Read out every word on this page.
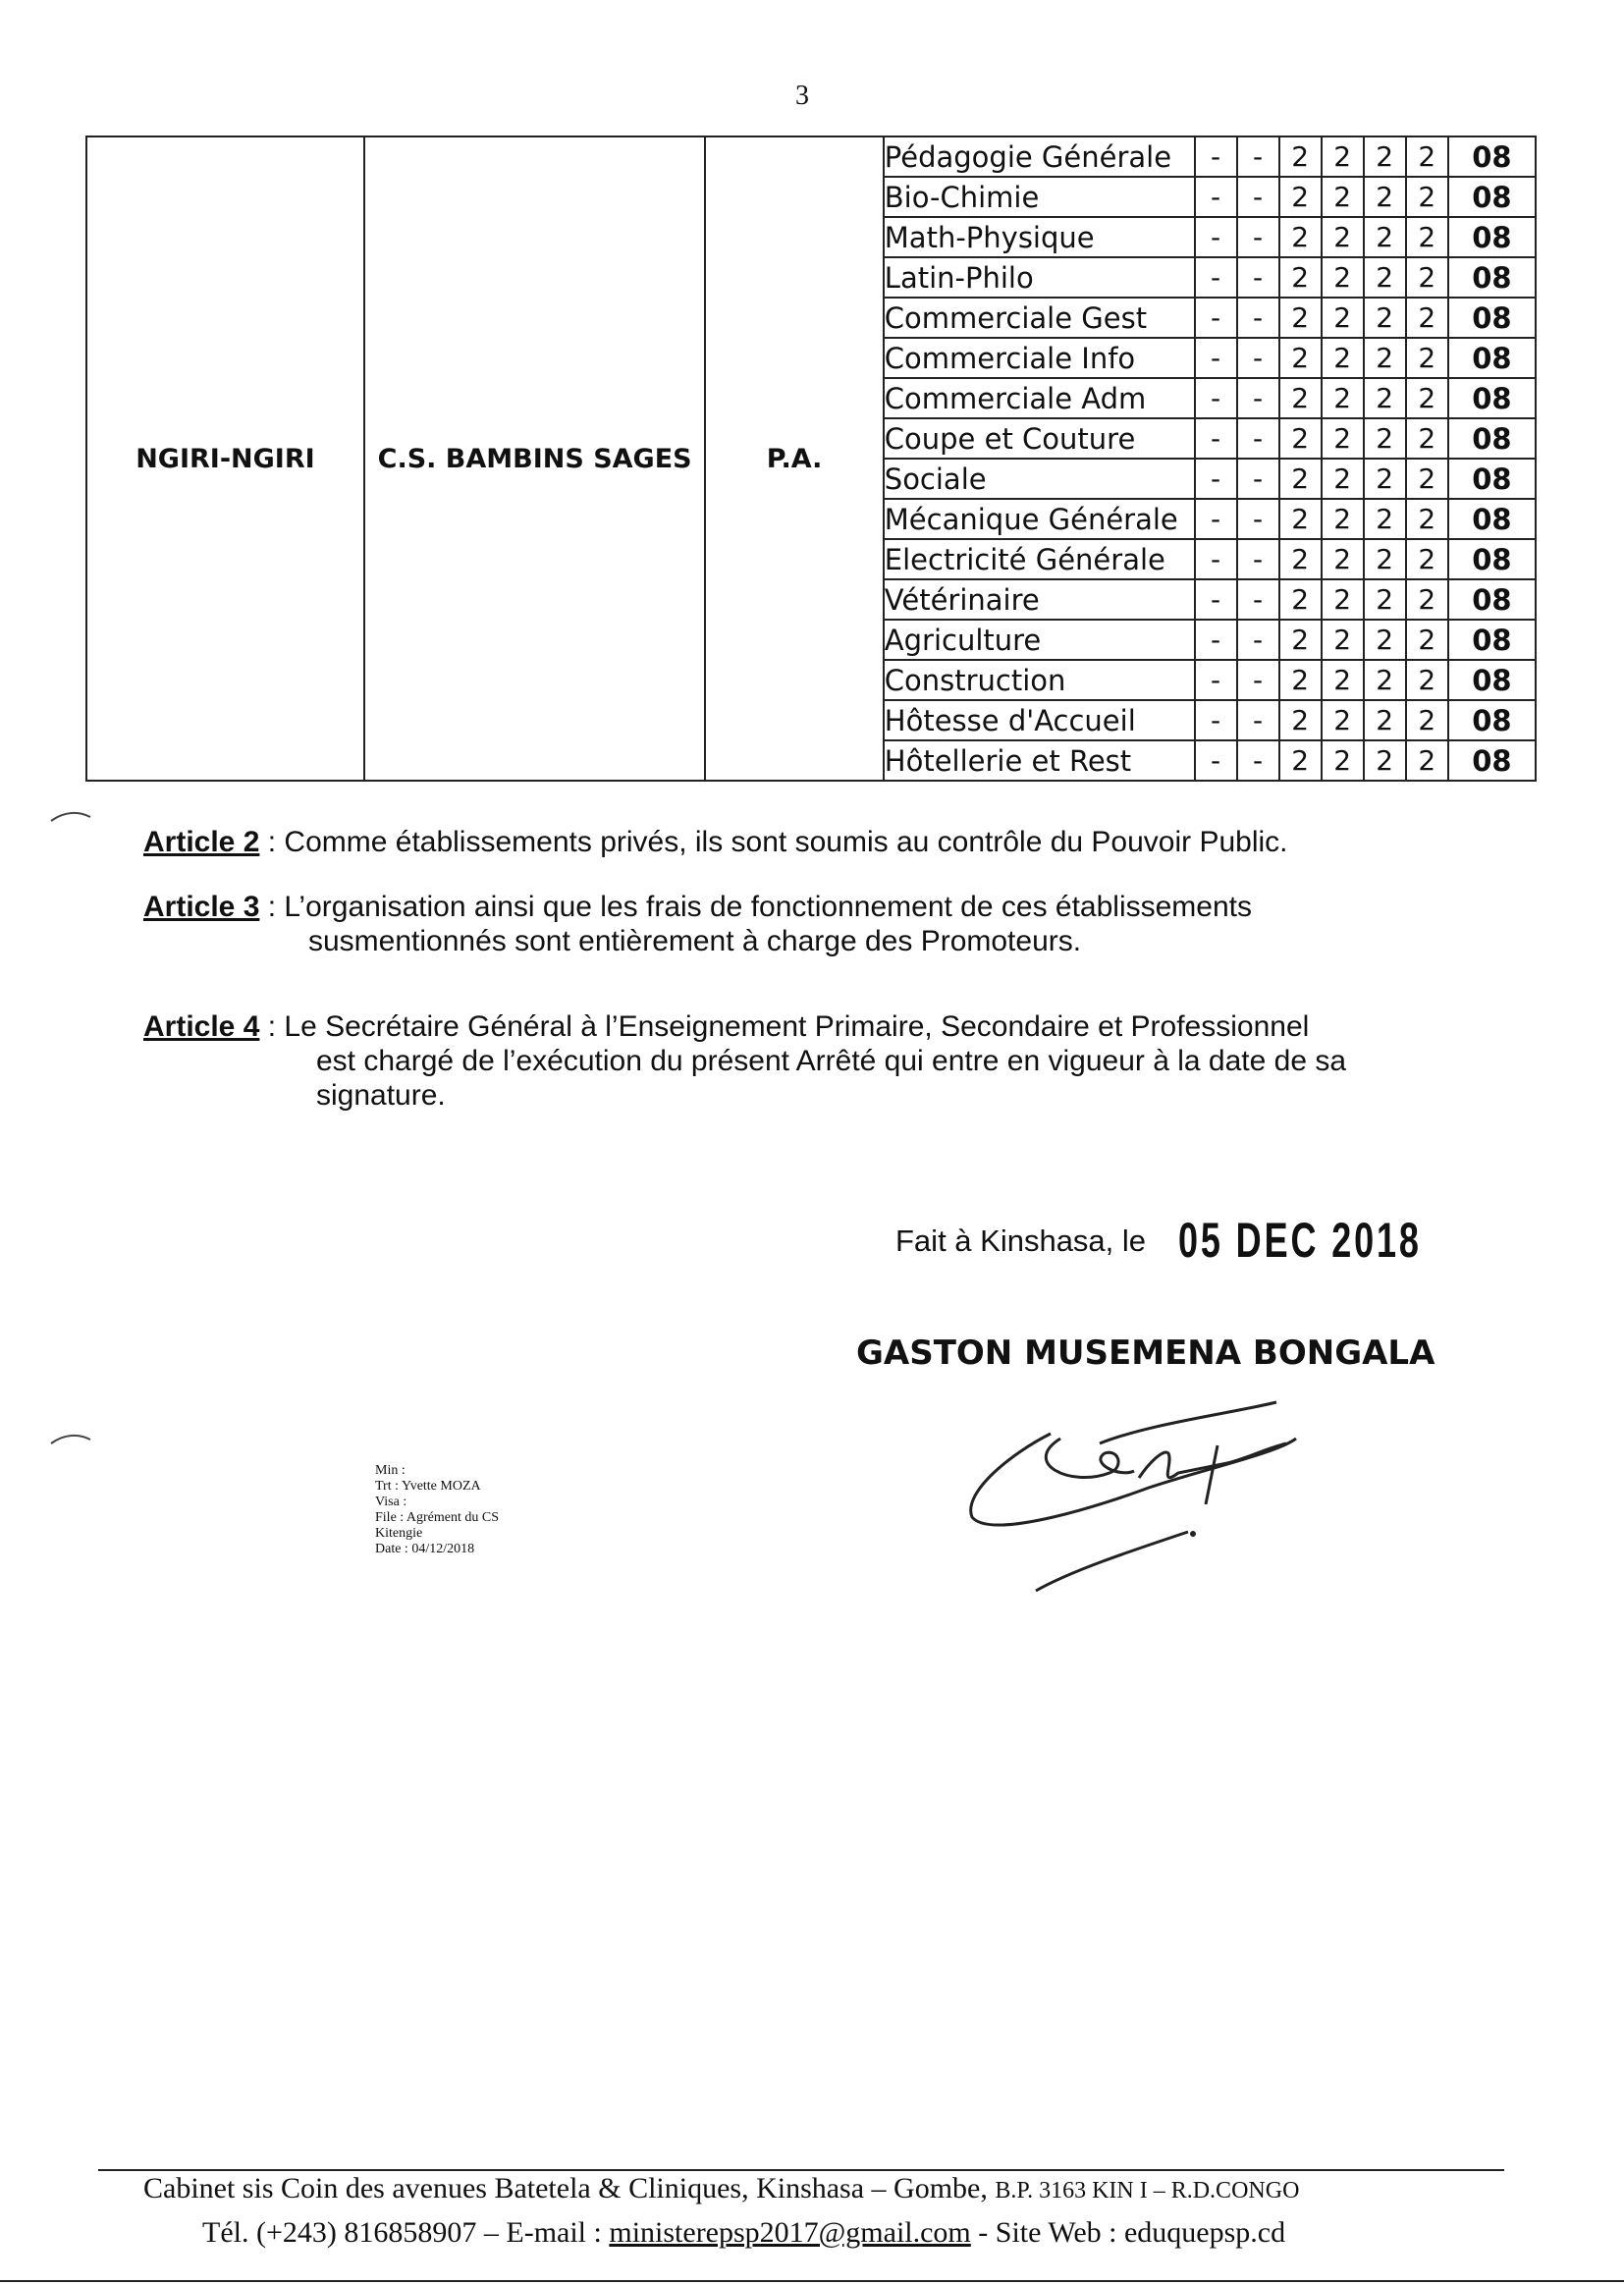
3
NGIRI-NGIRI	C.S. BAMBINS SAGES	P.A.	Pédagogie Générale	-	-	2	2	2	2	08
			Bio-Chimie	-	-	2	2	2	2	08
			Math-Physique	-	-	2	2	2	2	08
			Latin-Philo	-	-	2	2	2	2	08
			Commerciale Gest	-	-	2	2	2	2	08
			Commerciale Info	-	-	2	2	2	2	08
			Commerciale Adm	-	-	2	2	2	2	08
			Coupe et Couture	-	-	2	2	2	2	08
			Sociale	-	-	2	2	2	2	08
			Mécanique Générale	-	-	2	2	2	2	08
			Electricité Générale	-	-	2	2	2	2	08
			Vétérinaire	-	-	2	2	2	2	08
			Agriculture	-	-	2	2	2	2	08
			Construction	-	-	2	2	2	2	08
			Hôtesse d'Accueil	-	-	2	2	2	2	08
			Hôtellerie et Rest	-	-	2	2	2	2	08
Article 2 : Comme établissements privés, ils sont soumis au contrôle du Pouvoir Public.
Article 3 : L’organisation ainsi que les frais de fonctionnement de ces établissements
susmentionnés sont entièrement à charge des Promoteurs.
Article 4 : Le Secrétaire Général à l’Enseignement Primaire, Secondaire et Professionnel
est chargé de l’exécution du présent Arrêté qui entre en vigueur à la date de sa
signature.
Fait à Kinshasa, le 05 DEC 2018
GASTON MUSEMENA BONGALA
Min :
Trt : Yvette MOZA
Visa :
File : Agrément du CS
Kitengie
Date : 04/12/2018
Cabinet sis Coin des avenues Batetela & Cliniques, Kinshasa – Gombe, B.P. 3163 KIN I – R.D.CONGO
Tél. (+243) 816858907 – E-mail : ministerepsp2017@gmail.com - Site Web : eduquepsp.cd
